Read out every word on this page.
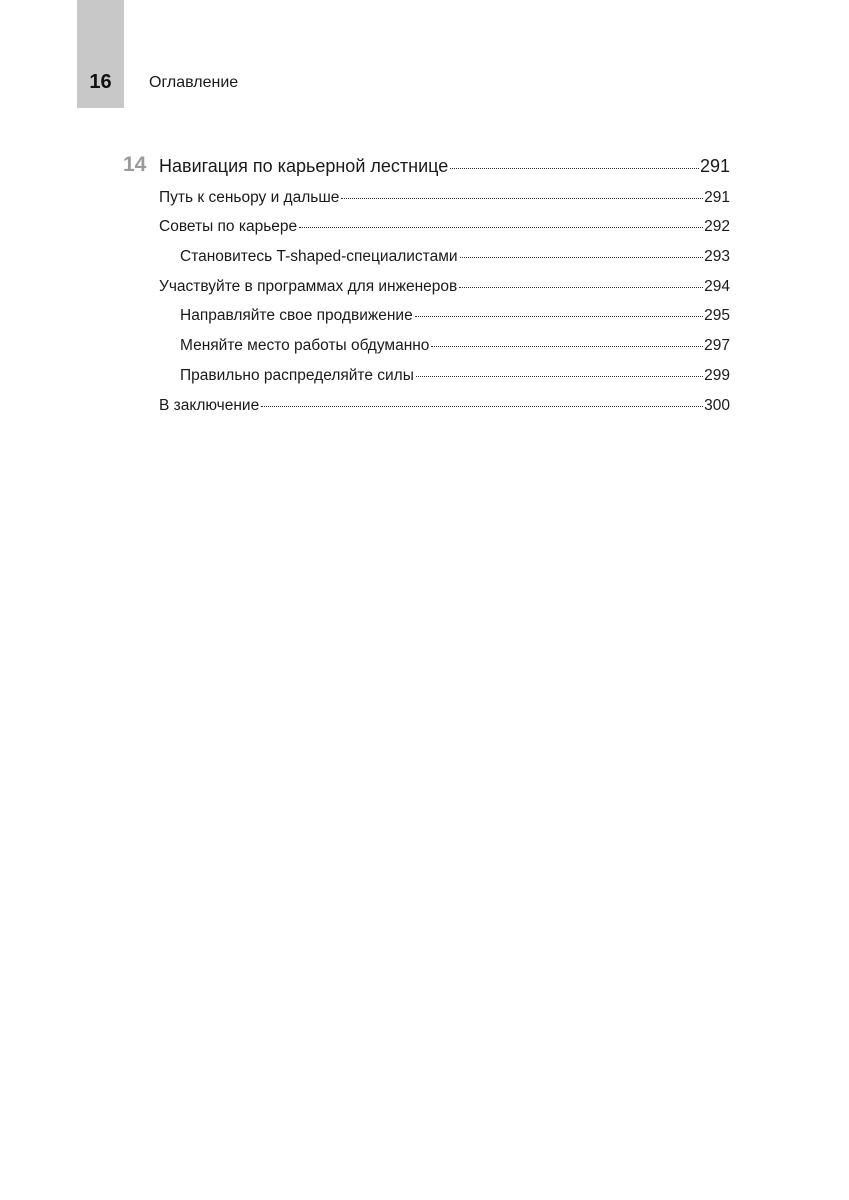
16	Оглавление
14 Навигация по карьерной лестнице	291
Путь к сеньору и дальше	291
Советы по карьере	292
Становитесь T-shaped-специалистами	293
Участвуйте в программах для инженеров	294
Направляйте свое продвижение	295
Меняйте место работы обдуманно	297
Правильно распределяйте силы	299
В заключение	300
